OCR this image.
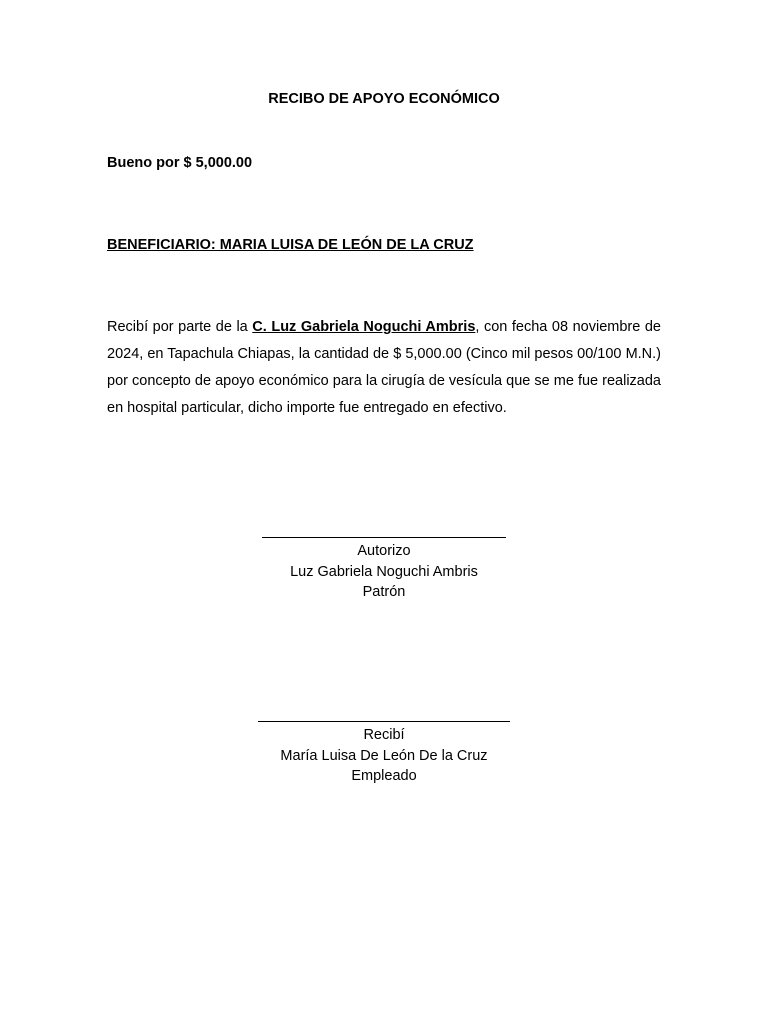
RECIBO DE APOYO ECONÓMICO
Bueno por $ 5,000.00
BENEFICIARIO: MARIA LUISA DE LEÓN DE LA CRUZ
Recibí por parte de la C. Luz Gabriela Noguchi Ambris, con fecha 08 noviembre de 2024, en Tapachula Chiapas, la cantidad de $ 5,000.00 (Cinco mil pesos 00/100 M.N.) por concepto de apoyo económico para la cirugía de vesícula que se me fue realizada en hospital particular, dicho importe fue entregado en efectivo.
Autorizo
Luz Gabriela Noguchi Ambris
Patrón
Recibí
María Luisa De León De la Cruz
Empleado
